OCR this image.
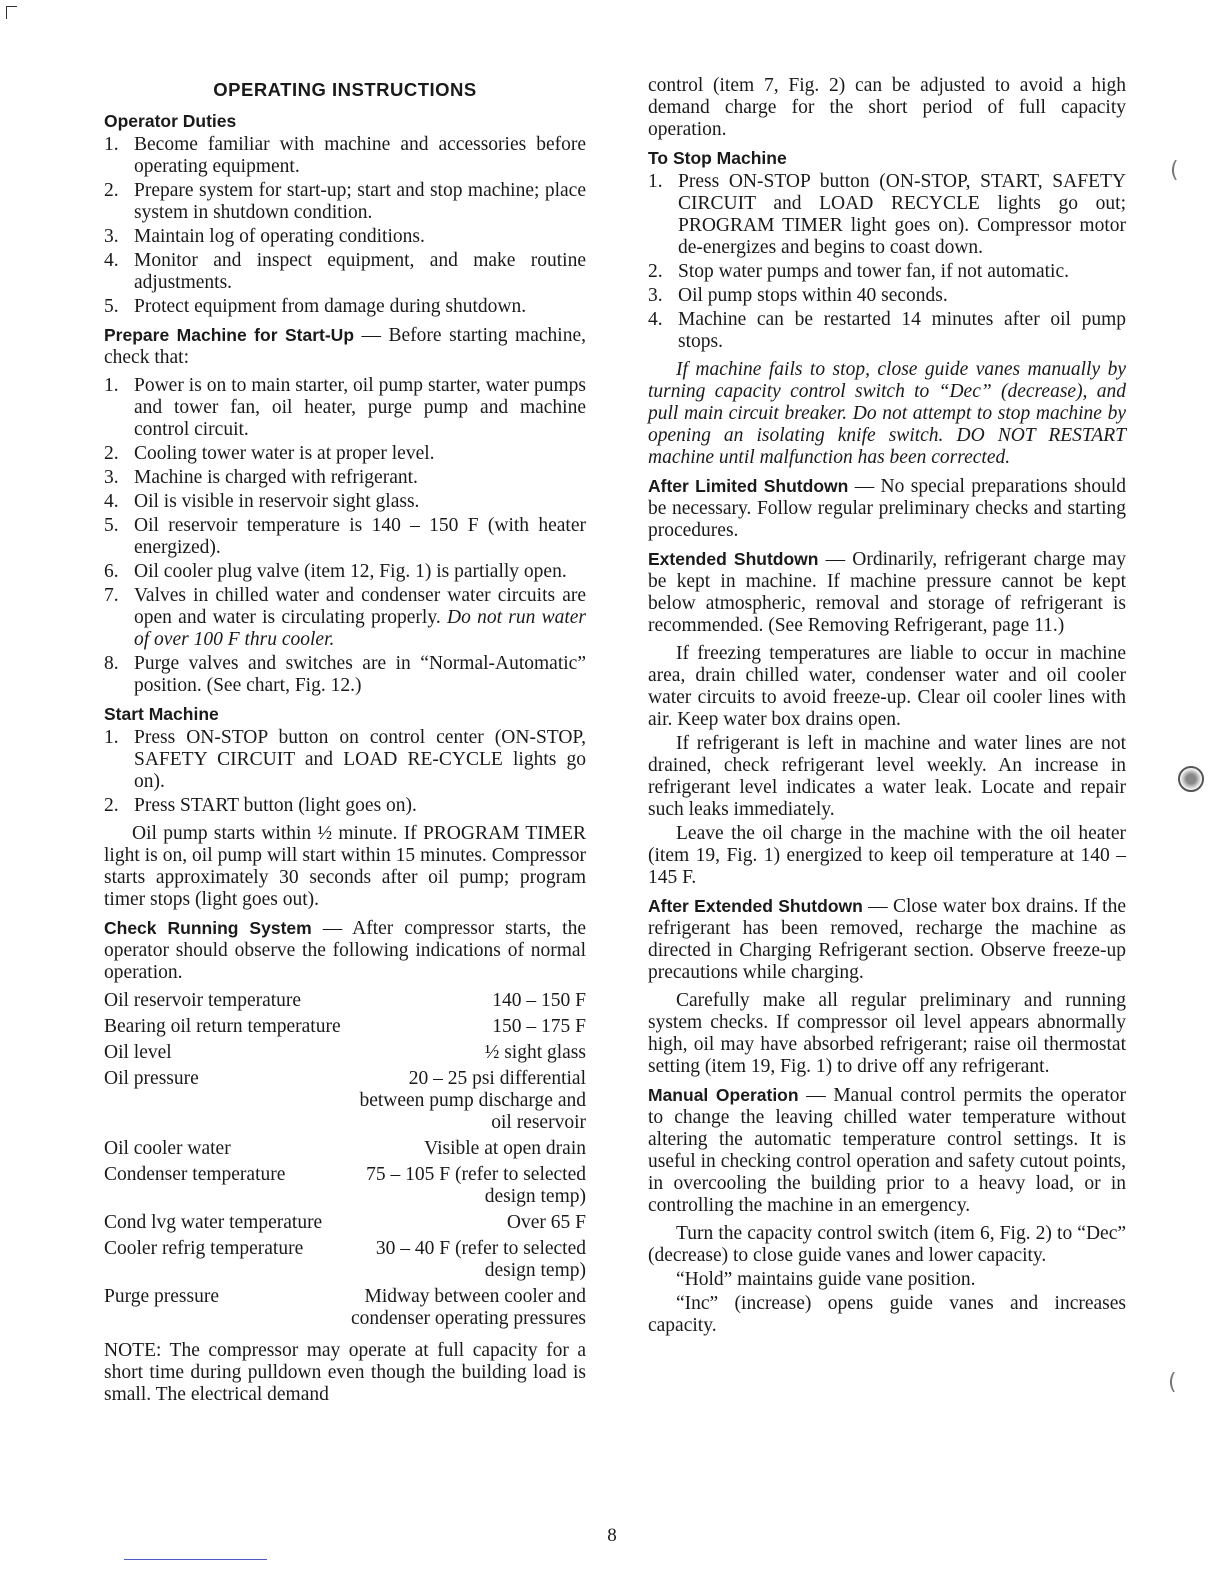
OPERATING INSTRUCTIONS
Operator Duties
1. Become familiar with machine and accessories before operating equipment.
2. Prepare system for start-up; start and stop machine; place system in shutdown condition.
3. Maintain log of operating conditions.
4. Monitor and inspect equipment, and make routine adjustments.
5. Protect equipment from damage during shutdown.

Prepare Machine for Start-Up — Before starting machine, check that:

1. Power is on to main starter, oil pump starter, water pumps and tower fan, oil heater, purge pump and machine control circuit.
2. Cooling tower water is at proper level.
3. Machine is charged with refrigerant.
4. Oil is visible in reservoir sight glass.
5. Oil reservoir temperature is 140 – 150 F (with heater energized).
6. Oil cooler plug valve (item 12, Fig. 1) is partially open.
7. Valves in chilled water and condenser water circuits are open and water is circulating properly. Do not run water of over 100 F thru cooler.
8. Purge valves and switches are in “Normal-Automatic” position. (See chart, Fig. 12.)
Start Machine
1. Press ON-STOP button on control center (ON-STOP, SAFETY CIRCUIT and LOAD RE-CYCLE lights go on).
2. Press START button (light goes on).

Oil pump starts within ½ minute. If PROGRAM TIMER light is on, oil pump will start within 15 minutes. Compressor starts approximately 30 seconds after oil pump; program timer stops (light goes out).

Check Running System — After compressor starts, the operator should observe the following indications of normal operation.

Oil reservoir temperature	140 – 150 F
Bearing oil return temperature	150 – 175 F
Oil level	½ sight glass
Oil pressure	20 – 25 psi differential between pump discharge and oil reservoir
Oil cooler water	Visible at open drain
Condenser temperature	75 – 105 F (refer to selected design temp)
Cond lvg water temperature	Over 65 F
Cooler refrig temperature	30 – 40 F (refer to selected design temp)
Purge pressure	Midway between cooler and condenser operating pressures

NOTE: The compressor may operate at full capacity for a short time during pulldown even though the building load is small. The electrical demand

control (item 7, Fig. 2) can be adjusted to avoid a high demand charge for the short period of full capacity operation.

To Stop Machine
1. Press ON-STOP button (ON-STOP, START, SAFETY CIRCUIT and LOAD RECYCLE lights go out; PROGRAM TIMER light goes on). Compressor motor de-energizes and begins to coast down.
2. Stop water pumps and tower fan, if not automatic.
3. Oil pump stops within 40 seconds.
4. Machine can be restarted 14 minutes after oil pump stops.

If machine fails to stop, close guide vanes manually by turning capacity control switch to “Dec” (decrease), and pull main circuit breaker. Do not attempt to stop machine by opening an isolating knife switch. DO NOT RESTART machine until malfunction has been corrected.

After Limited Shutdown — No special preparations should be necessary. Follow regular preliminary checks and starting procedures.

Extended Shutdown — Ordinarily, refrigerant charge may be kept in machine. If machine pressure cannot be kept below atmospheric, removal and storage of refrigerant is recommended. (See Removing Refrigerant, page 11.)

If freezing temperatures are liable to occur in machine area, drain chilled water, condenser water and oil cooler water circuits to avoid freeze-up. Clear oil cooler lines with air. Keep water box drains open.

If refrigerant is left in machine and water lines are not drained, check refrigerant level weekly. An increase in refrigerant level indicates a water leak. Locate and repair such leaks immediately.

Leave the oil charge in the machine with the oil heater (item 19, Fig. 1) energized to keep oil temperature at 140 – 145 F.

After Extended Shutdown — Close water box drains. If the refrigerant has been removed, recharge the machine as directed in Charging Refrigerant section. Observe freeze-up precautions while charging.

Carefully make all regular preliminary and running system checks. If compressor oil level appears abnormally high, oil may have absorbed refrigerant; raise oil thermostat setting (item 19, Fig. 1) to drive off any refrigerant.

Manual Operation — Manual control permits the operator to change the leaving chilled water temperature without altering the automatic temperature control settings. It is useful in checking control operation and safety cutout points, in overcooling the building prior to a heavy load, or in controlling the machine in an emergency.

Turn the capacity control switch (item 6, Fig. 2) to “Dec” (decrease) to close guide vanes and lower capacity.

“Hold” maintains guide vane position.

“Inc” (increase) opens guide vanes and increases capacity.

(
(
8
